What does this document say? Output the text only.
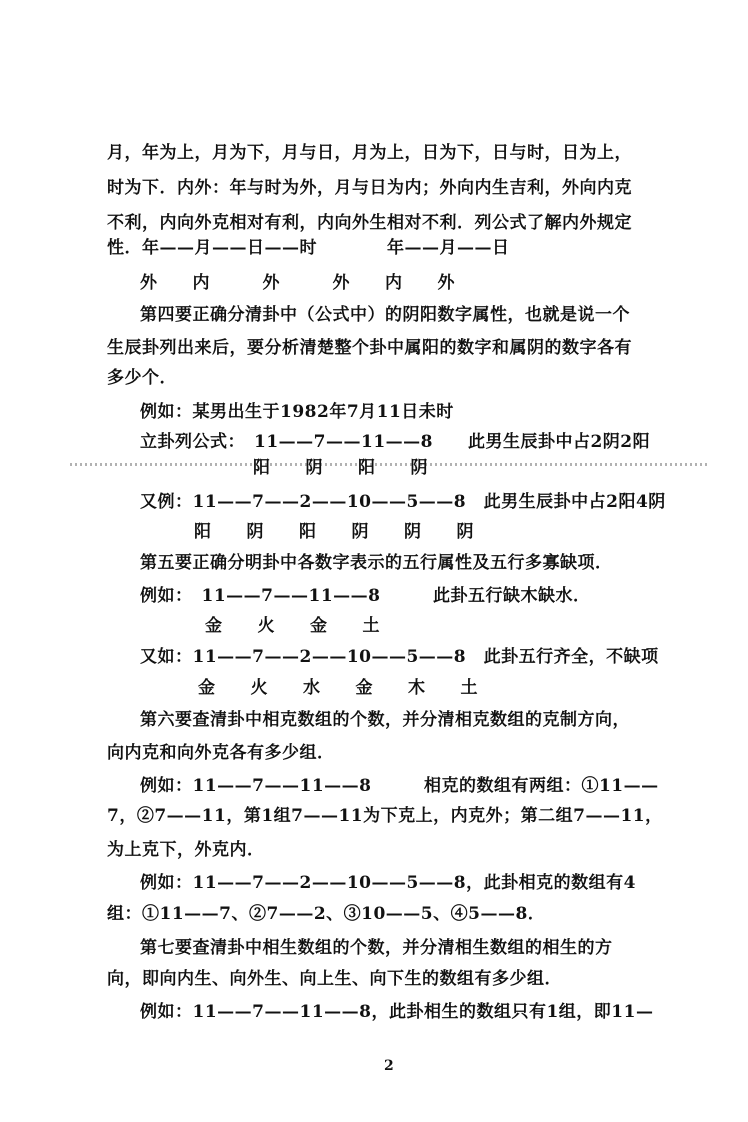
月，年为上，月为下，月与日，月为上，日为下，日与时，日为上，
时为下．内外：年与时为外，月与日为内；外向内生吉利，外向内克
不利，内向外克相对有利，内向外生相对不利．列公式了解内外规定
性．年——月——日——时　　　　年——月——日
外　　内　　　外　　　外　　内　　外
第四要正确分清卦中（公式中）的阴阳数字属性，也就是说一个
生辰卦列出来后，要分析清楚整个卦中属阳的数字和属阴的数字各有
多少个．
例如：某男出生于1982年7月11日未时
立卦列公式：　11——7——11——8　　此男生辰卦中占2阴2阳
阳　　阴　　阳　　阴
又例：11——7——2——10——5——8　此男生辰卦中占2阳4阴
阳　　阴　　阳　　阴　　阴　　阴
第五要正确分明卦中各数字表示的五行属性及五行多寡缺项．
例如：　11——7——11——8　　　此卦五行缺木缺水．
金　　火　　金　　土
又如：11——7——2——10——5——8　此卦五行齐全，不缺项
金　　火　　水　　金　　木　　土
第六要查清卦中相克数组的个数，并分清相克数组的克制方向，
向内克和向外克各有多少组．
例如：11——7——11——8　　　相克的数组有两组：①11——
7，②7——11，第1组7——11为下克上，内克外；第二组7——11，
为上克下，外克内．
例如：11——7——2——10——5——8，此卦相克的数组有4
组：①11——7、②7——2、③10——5、④5——8．
第七要查清卦中相生数组的个数，并分清相生数组的相生的方
向，即向内生、向外生、向上生、向下生的数组有多少组．
例如：11——7——11——8，此卦相生的数组只有1组，即11—
2
